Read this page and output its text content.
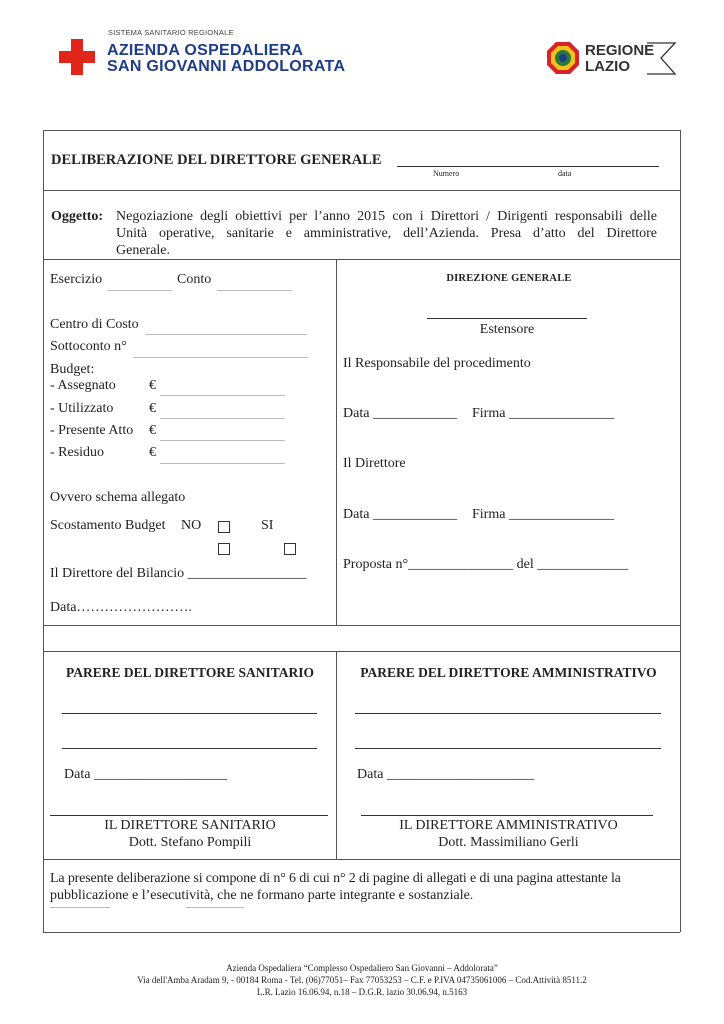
SISTEMA SANITARIO REGIONALE
AZIENDA OSPEDALIERA
SAN GIOVANNI ADDOLORATA
REGIONE
LAZIO
DELIBERAZIONE DEL DIRETTORE GENERALE
Numero	data
Oggetto: Negoziazione degli obiettivi per l’anno 2015 con i Direttori / Dirigenti responsabili delle
Unità operative, sanitarie e amministrative, dell’Azienda. Presa d’atto del Direttore
Generale.
Esercizio	Conto
Centro di Costo
Sottoconto n°
Budget:
- Assegnato €
- Utilizzato	€
- Presente Atto €
- Residuo	€
Ovvero schema allegato
Scostamento Budget NO	SI
Il Direttore del Bilancio _________________
Data…………………….
DIREZIONE GENERALE
Estensore
Il Responsabile del procedimento
Data ____________ Firma _______________
Il Direttore
Data ____________ Firma _______________
Proposta n°_______________ del _____________
PARERE DEL DIRETTORE SANITARIO	PARERE DEL DIRETTORE AMMINISTRATIVO
Data ___________________	Data _____________________
IL DIRETTORE SANITARIO
Dott. Stefano Pompili
IL DIRETTORE AMMINISTRATIVO
Dott. Massimiliano Gerli
La presente deliberazione si compone di n° 6 di cui n° 2 di pagine di allegati e di una pagina attestante la
pubblicazione e l’esecutività, che ne formano parte integrante e sostanziale.
Azienda Ospedaliera “Complesso Ospedaliero San Giovanni – Addolorata”
Via dell'Amba Aradam 9, - 00184 Roma - Tel. (06)77051– Fax 77053253 – C.F. e P.IVA 04735061006 – Cod.Attività 8511.2
L.R. Lazio 16.06.94, n.18 – D.G.R. lazio 30.06.94, n.5163
